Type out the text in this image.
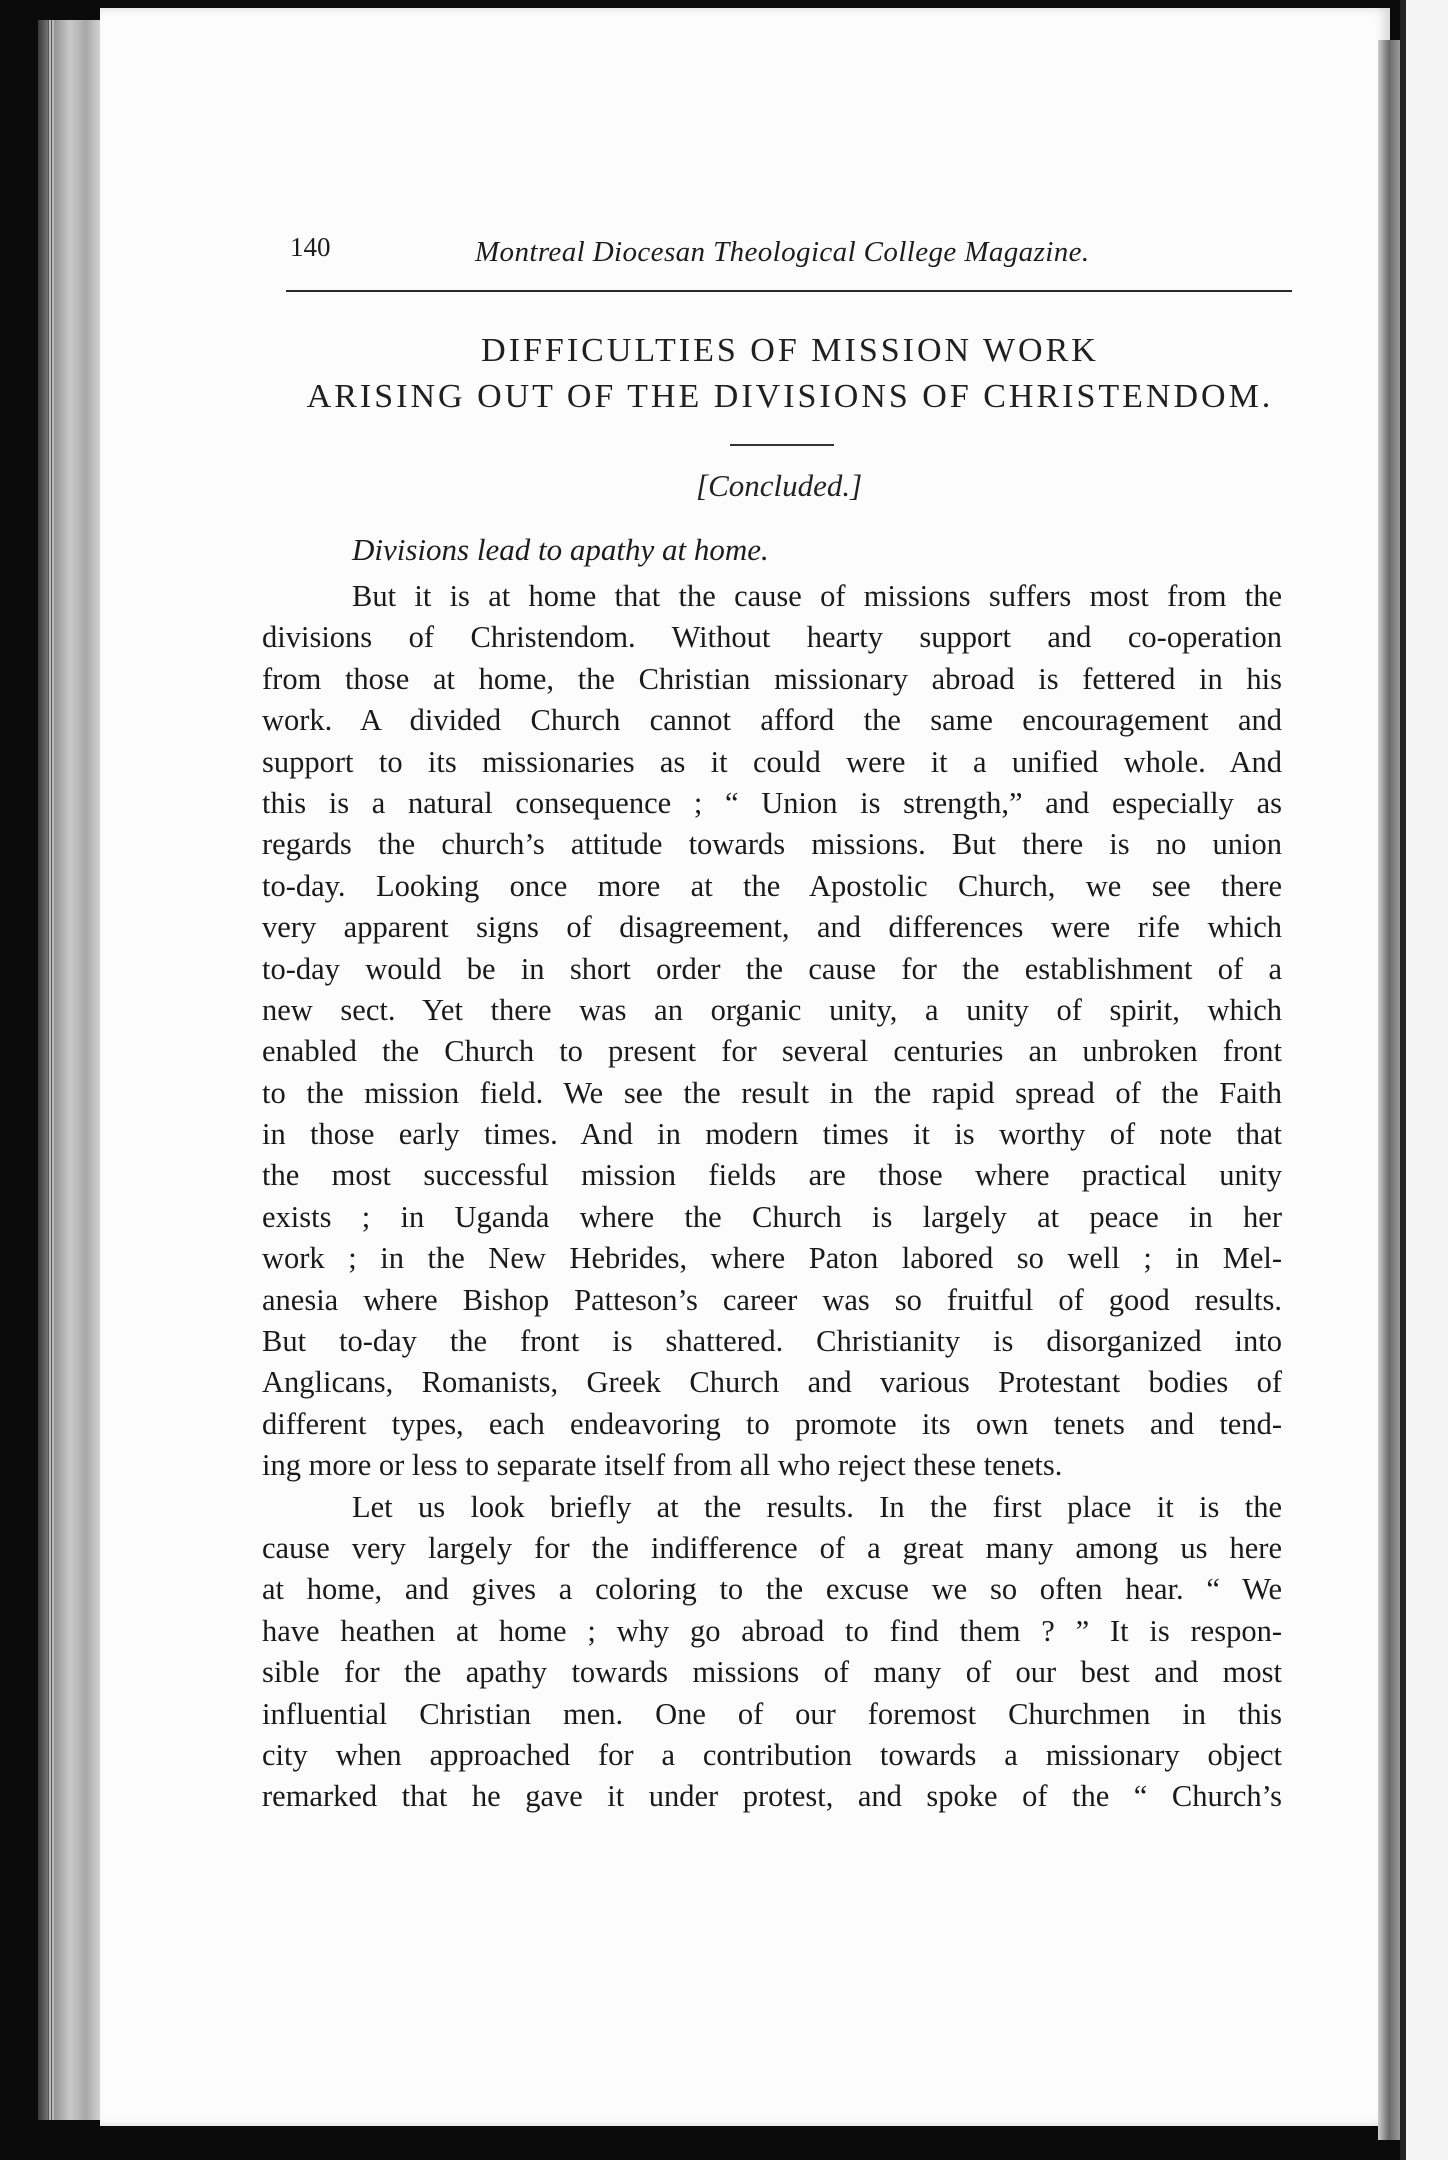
140	Montreal Diocesan Theological College Magazine.
DIFFICULTIES OF MISSION WORK
ARISING OUT OF THE DIVISIONS OF CHRISTENDOM.
[Concluded.]
Divisions lead to apathy at home.
But it is at home that the cause of missions suffers most from the
divisions of Christendom. Without hearty support and co-operation
from those at home, the Christian missionary abroad is fettered in his
work. A divided Church cannot afford the same encouragement and
support to its missionaries as it could were it a unified whole. And
this is a natural consequence ; “ Union is strength,” and especially as
regards the church’s attitude towards missions. But there is no union
to-day. Looking once more at the Apostolic Church, we see there
very apparent signs of disagreement, and differences were rife which
to-day would be in short order the cause for the establishment of a
new sect. Yet there was an organic unity, a unity of spirit, which
enabled the Church to present for several centuries an unbroken front
to the mission field. We see the result in the rapid spread of the Faith
in those early times. And in modern times it is worthy of note that
the most successful mission fields are those where practical unity
exists ; in Uganda where the Church is largely at peace in her
work ; in the New Hebrides, where Paton labored so well ; in Mel-
anesia where Bishop Patteson’s career was so fruitful of good results.
But to-day the front is shattered. Christianity is disorganized into
Anglicans, Romanists, Greek Church and various Protestant bodies of
different types, each endeavoring to promote its own tenets and tend-
ing more or less to separate itself from all who reject these tenets.
Let us look briefly at the results. In the first place it is the
cause very largely for the indifference of a great many among us here
at home, and gives a coloring to the excuse we so often hear. “ We
have heathen at home ; why go abroad to find them ? ” It is respon-
sible for the apathy towards missions of many of our best and most
influential Christian men. One of our foremost Churchmen in this
city when approached for a contribution towards a missionary object
remarked that he gave it under protest, and spoke of the “ Church’s
